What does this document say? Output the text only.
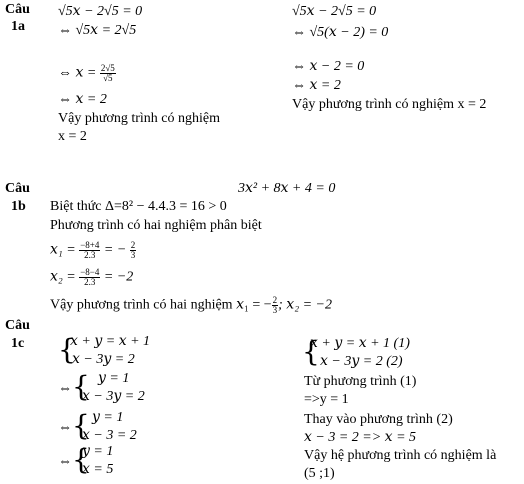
Câu
1a
√5𝑥 − 2√5 = 0
⇔ √5𝑥 = 2√5
⇔ 𝑥 = $\frac{2√5}{√5}$
⇔ 𝑥 = 2
Vậy phương trình có nghiệm
x = 2
√5𝑥 − 2√5 = 0
⇔ √5(𝑥 − 2) = 0
⇔ 𝑥 − 2 = 0
⇔ 𝑥 = 2
Vậy phương trình có nghiệm x = 2
Câu
1b
3𝑥² + 8𝑥 + 4 = 0
Biệt thức Δ=8² − 4.4.3 = 16 > 0
Phương trình có hai nghiệm phân biệt
𝑥₁ = $\frac{-8+4}{2.3}$ = − $\frac{2}{3}$
𝑥₂ = $\frac{-8-4}{2.3} = -2$
Vậy phương trình có hai nghiệm 𝑥₁ = − $\frac{2}{3}$ ; 𝑥₂ = −2
Câu
1c {
𝑥 + 𝑦 = 𝑥 + 1
𝑥 − 3𝑦 = 2
⇔ { 𝑦 = 1
𝑥 − 3𝑦 = 2
⇔ { 𝑦 = 1
𝑥 − 3 = 2
⇔ {
𝑦 = 1
𝑥 = 5
{
𝑥 + 𝑦 = 𝑥 + 1 (1)
𝑥 − 3𝑦 = 2 (2)
Từ phương trình (1)
=>y = 1
Thay vào phương trình (2)
𝑥 − 3 = 2 => 𝑥 = 5
Vậy hệ phương trình có nghiệm là
(5 ;1)
